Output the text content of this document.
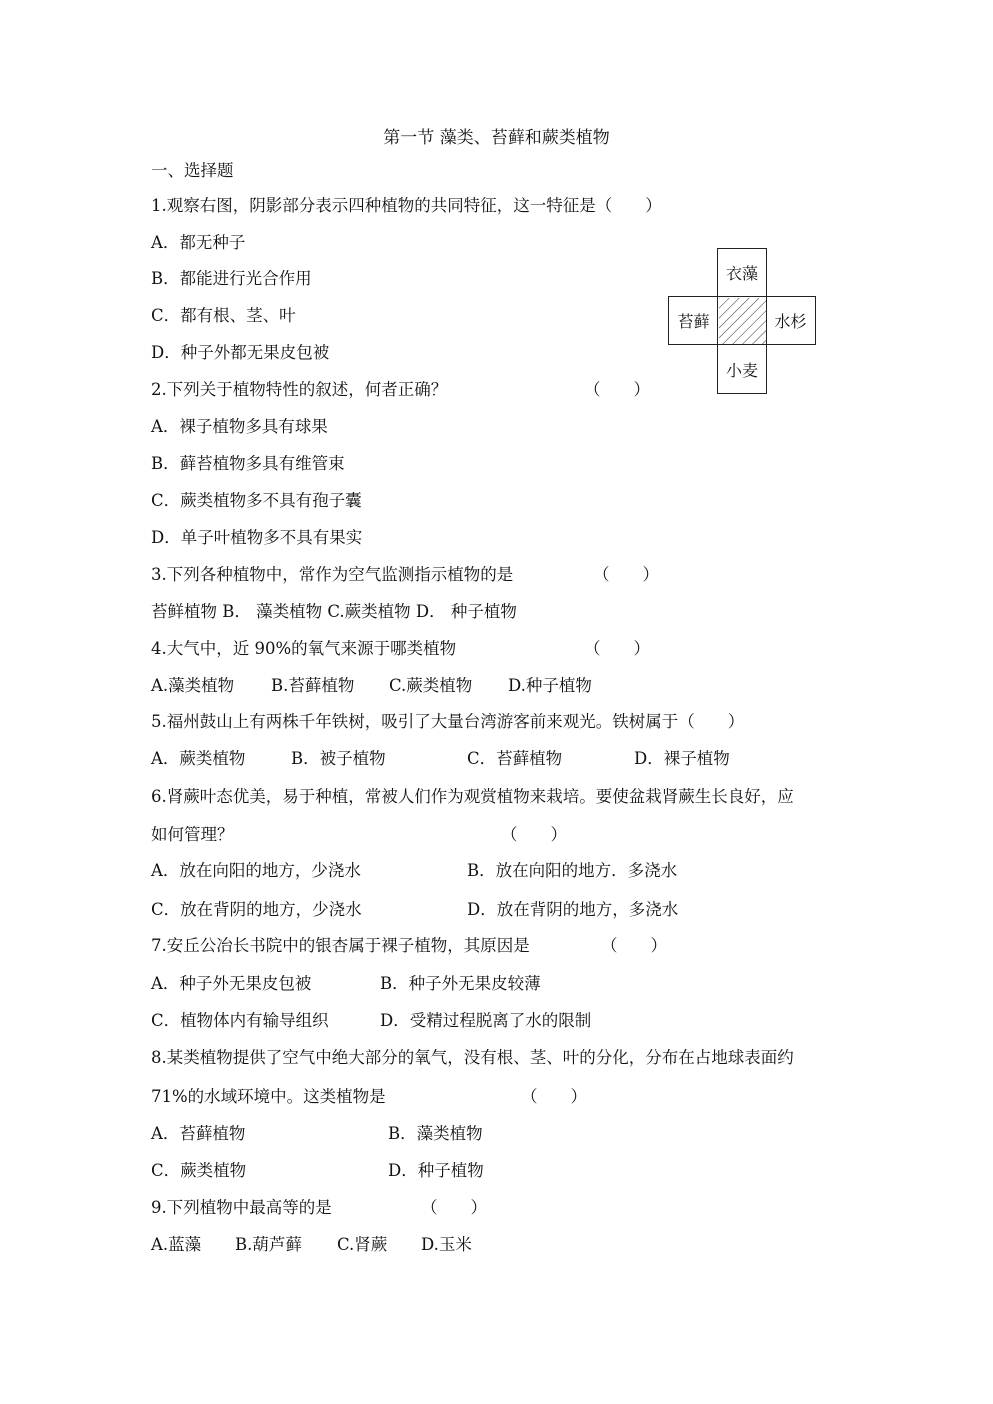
第一节 藻类、苔藓和蕨类植物
一、选择题
1.观察右图，阴影部分表示四种植物的共同特征，这一特征是（　　）
A．都无种子
B．都能进行光合作用
C．都有根、茎、叶
D．种子外都无果皮包被
衣藻
苔藓	水杉
小麦
2.下列关于植物特性的叙述，何者正确？	（　　）
A．裸子植物多具有球果
B．藓苔植物多具有维管束
C．蕨类植物多不具有孢子囊
D．单子叶植物多不具有果实
3.下列各种植物中，常作为空气监测指示植物的是	（　　）
苔鲜植物 B． 藻类植物 C.蕨类植物 D． 种子植物
4.大气中，近 90%的氧气来源于哪类植物	（　　）
A.藻类植物 B.苔藓植物 C.蕨类植物 D.种子植物
5.福州鼓山上有两株千年铁树，吸引了大量台湾游客前来观光。铁树属于（　　）
A．蕨类植物	B．被子植物	C．苔藓植物	D．裸子植物
6.肾蕨叶态优美，易于种植，常被人们作为观赏植物来栽培。要使盆栽肾蕨生长良好，应
如何管理？	（　　）
A．放在向阳的地方，少浇水	B．放在向阳的地方．多浇水
C．放在背阴的地方，少浇水	D．放在背阴的地方，多浇水
7.安丘公冶长书院中的银杏属于裸子植物，其原因是	（　　）
A．种子外无果皮包被	B．种子外无果皮较薄
C．植物体内有输导组织	D．受精过程脱离了水的限制
8.某类植物提供了空气中绝大部分的氧气，没有根、茎、叶的分化，分布在占地球表面约
71%的水域环境中。这类植物是	（　　）
A．苔藓植物	B．藻类植物
C．蕨类植物	D．种子植物
9.下列植物中最高等的是	（　　）
A.蓝藻 B.葫芦藓 C.肾蕨 D.玉米
